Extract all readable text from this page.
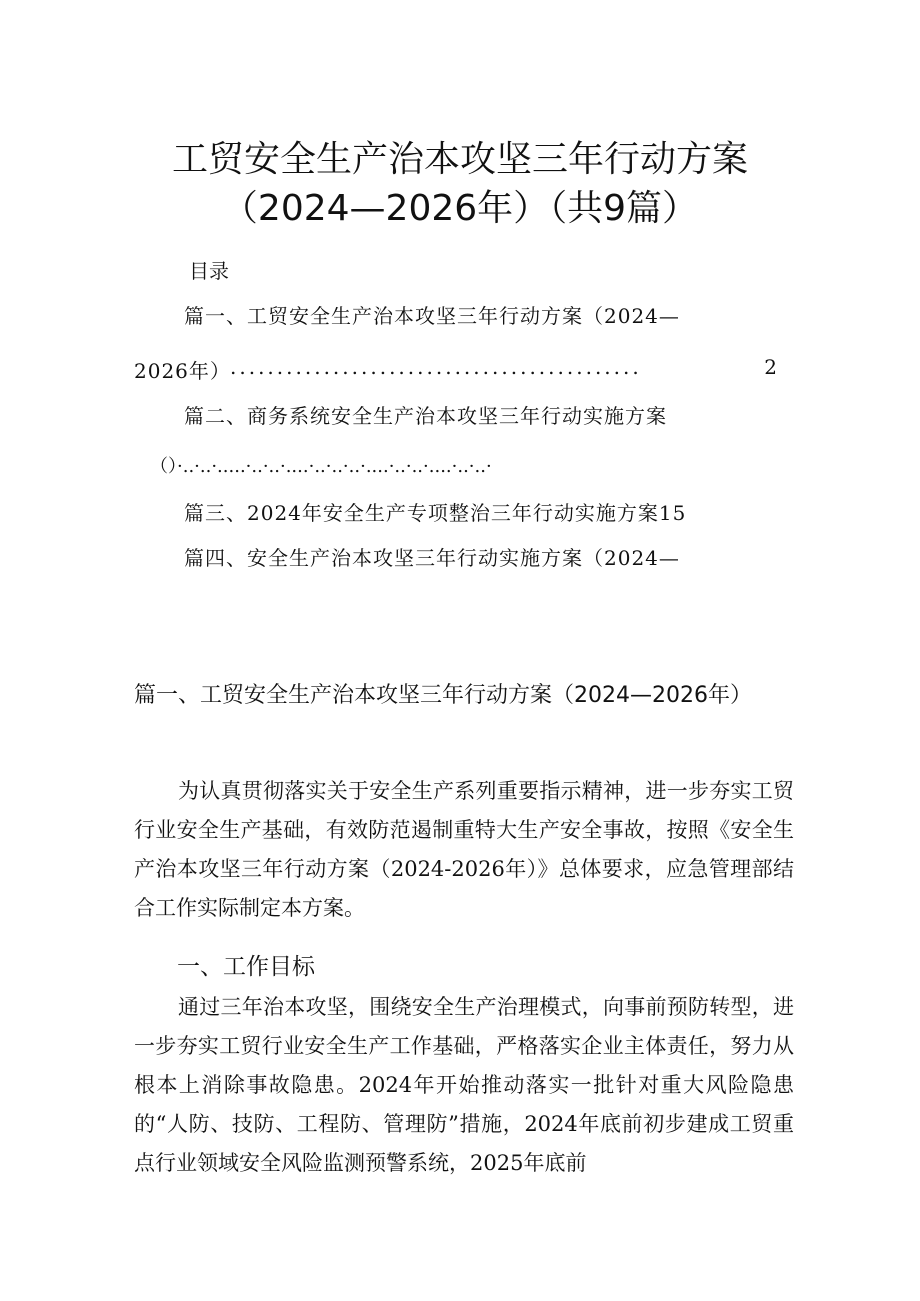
工贸安全生产治本攻坚三年行动方案
（2024—2026年）（共9篇）
目录
篇一、工贸安全生产治本攻坚三年行动方案（2024—
2026年） ............................................	2
篇二、商务系统安全生产治本攻坚三年行动实施方案
（）·..·..·.....·..·..·....·..·..·..·....·..·..·....·..·..·
篇三、2024年安全生产专项整治三年行动实施方案15
篇四、安全生产治本攻坚三年行动实施方案（2024—
篇一、工贸安全生产治本攻坚三年行动方案（2024—2026年）
为认真贯彻落实关于安全生产系列重要指示精神，进一步夯实工贸行业安全生产基础，有效防范遏制重特大生产安全事故，按照《安全生产治本攻坚三年行动方案（2024-2026年）》总体要求，应急管理部结合工作实际制定本方案。
一、工作目标
通过三年治本攻坚，围绕安全生产治理模式，向事前预防转型，进一步夯实工贸行业安全生产工作基础，严格落实企业主体责任，努力从根本上消除事故隐患。2024年开始推动落实一批针对重大风险隐患的“人防、技防、工程防、管理防”措施，2024年底前初步建成工贸重点行业领域安全风险监测预警系统，2025年底前
